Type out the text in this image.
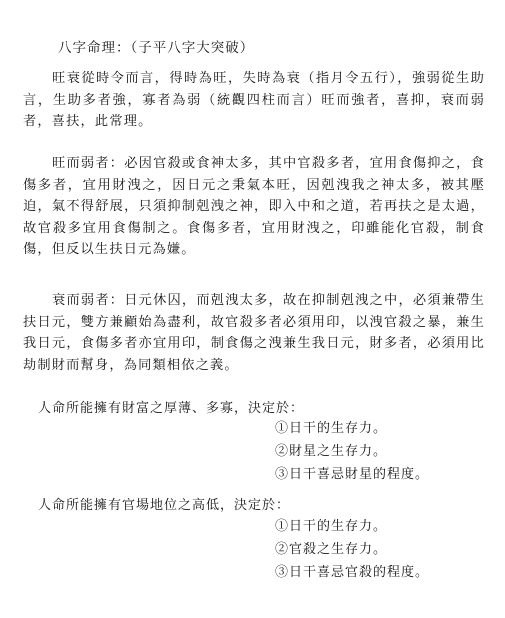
八字命理：（子平八字大突破）

旺衰從時令而言，得時為旺，失時為衰（指月令五行），強弱從生助言，生助多者強，寡者為弱（統觀四柱而言）旺而強者，喜抑，衰而弱者，喜扶，此常理。

旺而弱者：必因官殺或食神太多，其中官殺多者，宜用食傷抑之，食傷多者，宜用財洩之，因日元之秉氣本旺，因剋洩我之神太多，被其壓迫，氣不得舒展，只須抑制剋洩之神，即入中和之道，若再扶之是太過，故官殺多宜用食傷制之。食傷多者，宜用財洩之，印雖能化官殺，制食傷，但反以生扶日元為嫌。

衰而弱者：日元休囚，而剋洩太多，故在抑制剋洩之中，必須兼帶生扶日元，雙方兼顧始為盡利，故官殺多者必須用印，以洩官殺之暴，兼生我日元，食傷多者亦宜用印，制食傷之洩兼生我日元，財多者，必須用比劫制財而幫身，為同類相依之義。

人命所能擁有財富之厚薄、多寡，決定於：
①日干的生存力。
②財星之生存力。
③日干喜忌財星的程度。
人命所能擁有官場地位之高低，決定於：
①日干的生存力。
②官殺之生存力。
③日干喜忌官殺的程度。
